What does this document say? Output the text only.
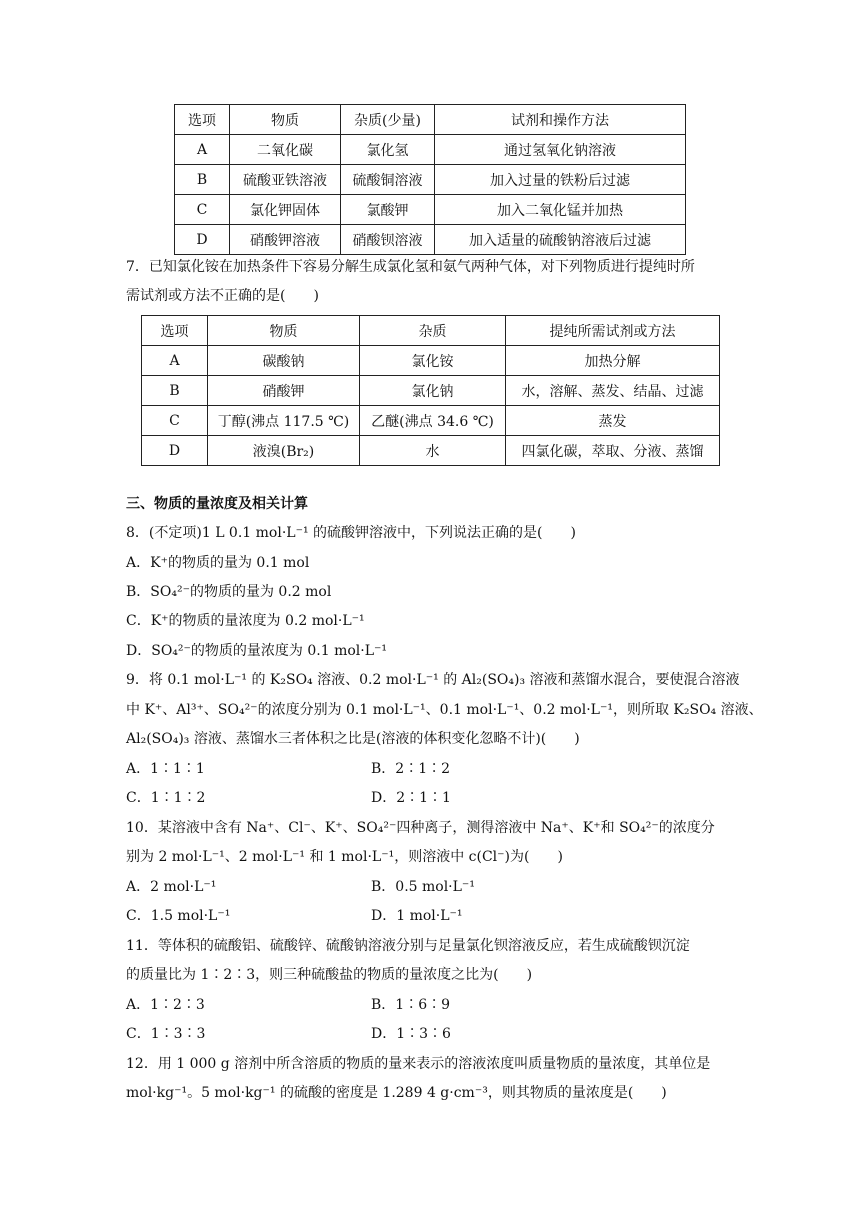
选项	物质	杂质(少量)	试剂和操作方法
A	二氧化碳	氯化氢	通过氢氧化钠溶液
B	硫酸亚铁溶液	硫酸铜溶液	加入过量的铁粉后过滤
C	氯化钾固体	氯酸钾	加入二氧化锰并加热
D	硝酸钾溶液	硝酸钡溶液	加入适量的硫酸钠溶液后过滤
7．已知氯化铵在加热条件下容易分解生成氯化氢和氨气两种气体，对下列物质进行提纯时所
需试剂或方法不正确的是(　　)
选项	物质	杂质	提纯所需试剂或方法
A	碳酸钠	氯化铵	加热分解
B	硝酸钾	氯化钠	水，溶解、蒸发、结晶、过滤
C	丁醇(沸点 117.5 ℃)	乙醚(沸点 34.6 ℃)	蒸发
D	液溴(Br₂)	水	四氯化碳，萃取、分液、蒸馏
三、物质的量浓度及相关计算
8．(不定项)1 L 0.1 mol·L⁻¹ 的硫酸钾溶液中，下列说法正确的是(　　)
A．K⁺的物质的量为 0.1 mol
B．SO₄²⁻的物质的量为 0.2 mol
C．K⁺的物质的量浓度为 0.2 mol·L⁻¹
D．SO₄²⁻的物质的量浓度为 0.1 mol·L⁻¹
9．将 0.1 mol·L⁻¹ 的 K₂SO₄ 溶液、0.2 mol·L⁻¹ 的 Al₂(SO₄)₃ 溶液和蒸馏水混合，要使混合溶液
中 K⁺、Al³⁺、SO₄²⁻的浓度分别为 0.1 mol·L⁻¹、0.1 mol·L⁻¹、0.2 mol·L⁻¹，则所取 K₂SO₄ 溶液、
Al₂(SO₄)₃ 溶液、蒸馏水三者体积之比是(溶液的体积变化忽略不计)(　　)
A．1∶1∶1	B．2∶1∶2
C．1∶1∶2	D．2∶1∶1
10．某溶液中含有 Na⁺、Cl⁻、K⁺、SO₄²⁻四种离子，测得溶液中 Na⁺、K⁺和 SO₄²⁻的浓度分
别为 2 mol·L⁻¹、2 mol·L⁻¹ 和 1 mol·L⁻¹，则溶液中 c(Cl⁻)为(　　)
A．2 mol·L⁻¹	B．0.5 mol·L⁻¹
C．1.5 mol·L⁻¹	D．1 mol·L⁻¹
11．等体积的硫酸铝、硫酸锌、硫酸钠溶液分别与足量氯化钡溶液反应，若生成硫酸钡沉淀
的质量比为 1∶2∶3，则三种硫酸盐的物质的量浓度之比为(　　)
A．1∶2∶3	B．1∶6∶9
C．1∶3∶3	D．1∶3∶6
12．用 1 000 g 溶剂中所含溶质的物质的量来表示的溶液浓度叫质量物质的量浓度，其单位是
mol·kg⁻¹。5 mol·kg⁻¹ 的硫酸的密度是 1.289 4 g·cm⁻³，则其物质的量浓度是(　　)
